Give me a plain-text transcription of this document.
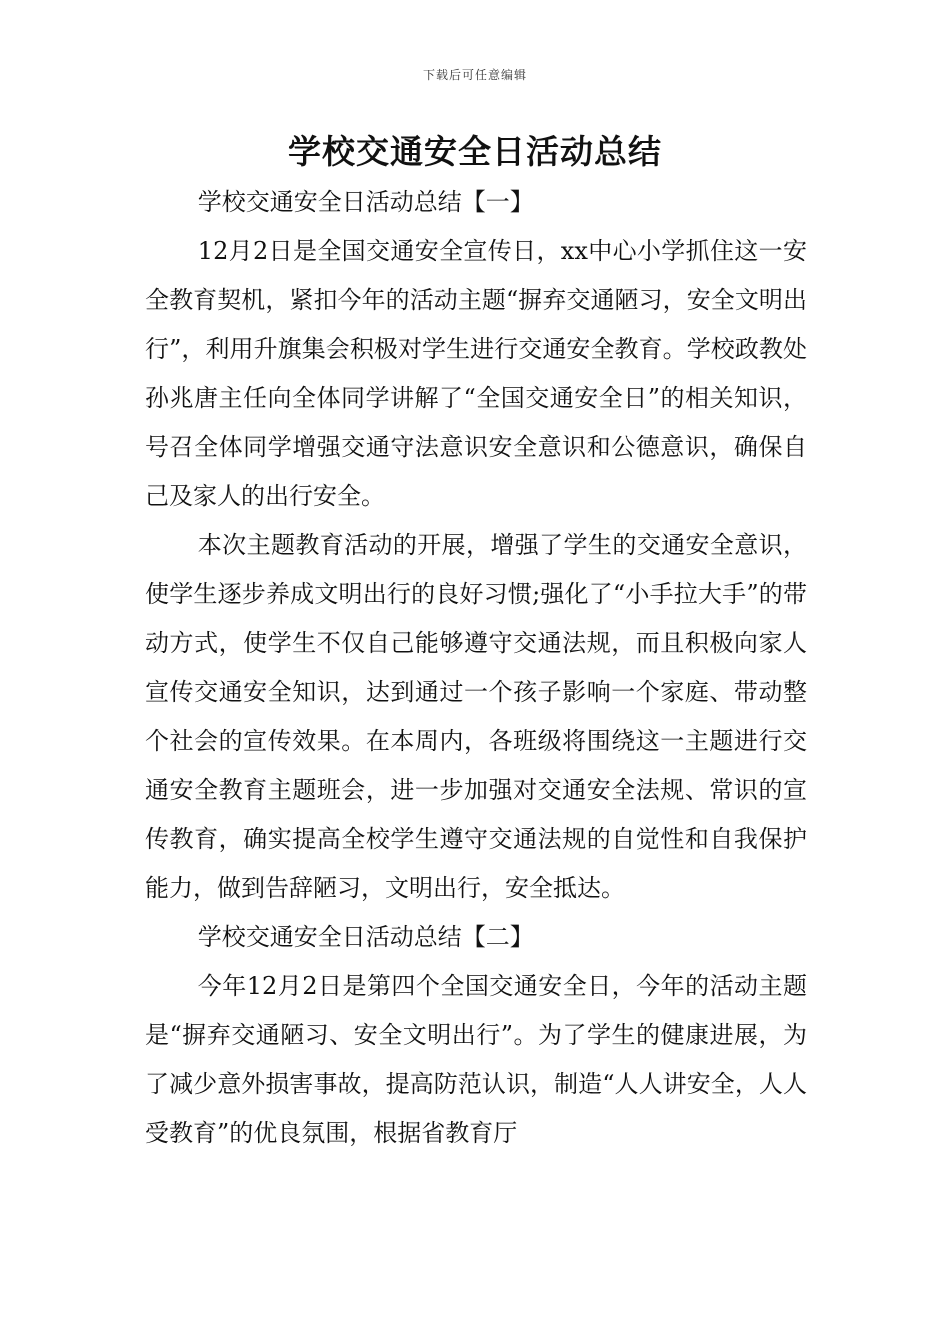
下载后可任意编辑
学校交通安全日活动总结

学校交通安全日活动总结【一】

12月2日是全国交通安全宣传日，xx中心小学抓住这一安全教育契机，紧扣今年的活动主题“摒弃交通陋习，安全文明出行”，利用升旗集会积极对学生进行交通安全教育。学校政教处孙兆唐主任向全体同学讲解了“全国交通安全日”的相关知识，号召全体同学增强交通守法意识安全意识和公德意识，确保自己及家人的出行安全。

本次主题教育活动的开展，增强了学生的交通安全意识，使学生逐步养成文明出行的良好习惯;强化了“小手拉大手”的带动方式，使学生不仅自己能够遵守交通法规，而且积极向家人宣传交通安全知识，达到通过一个孩子影响一个家庭、带动整个社会的宣传效果。在本周内，各班级将围绕这一主题进行交通安全教育主题班会，进一步加强对交通安全法规、常识的宣传教育，确实提高全校学生遵守交通法规的自觉性和自我保护能力，做到告辞陋习，文明出行，安全抵达。

学校交通安全日活动总结【二】

今年12月2日是第四个全国交通安全日，今年的活动主题是“摒弃交通陋习、安全文明出行”。为了学生的健康进展，为了减少意外损害事故，提高防范认识，制造“人人讲安全，人人受教育”的优良氛围，根据省教育厅
